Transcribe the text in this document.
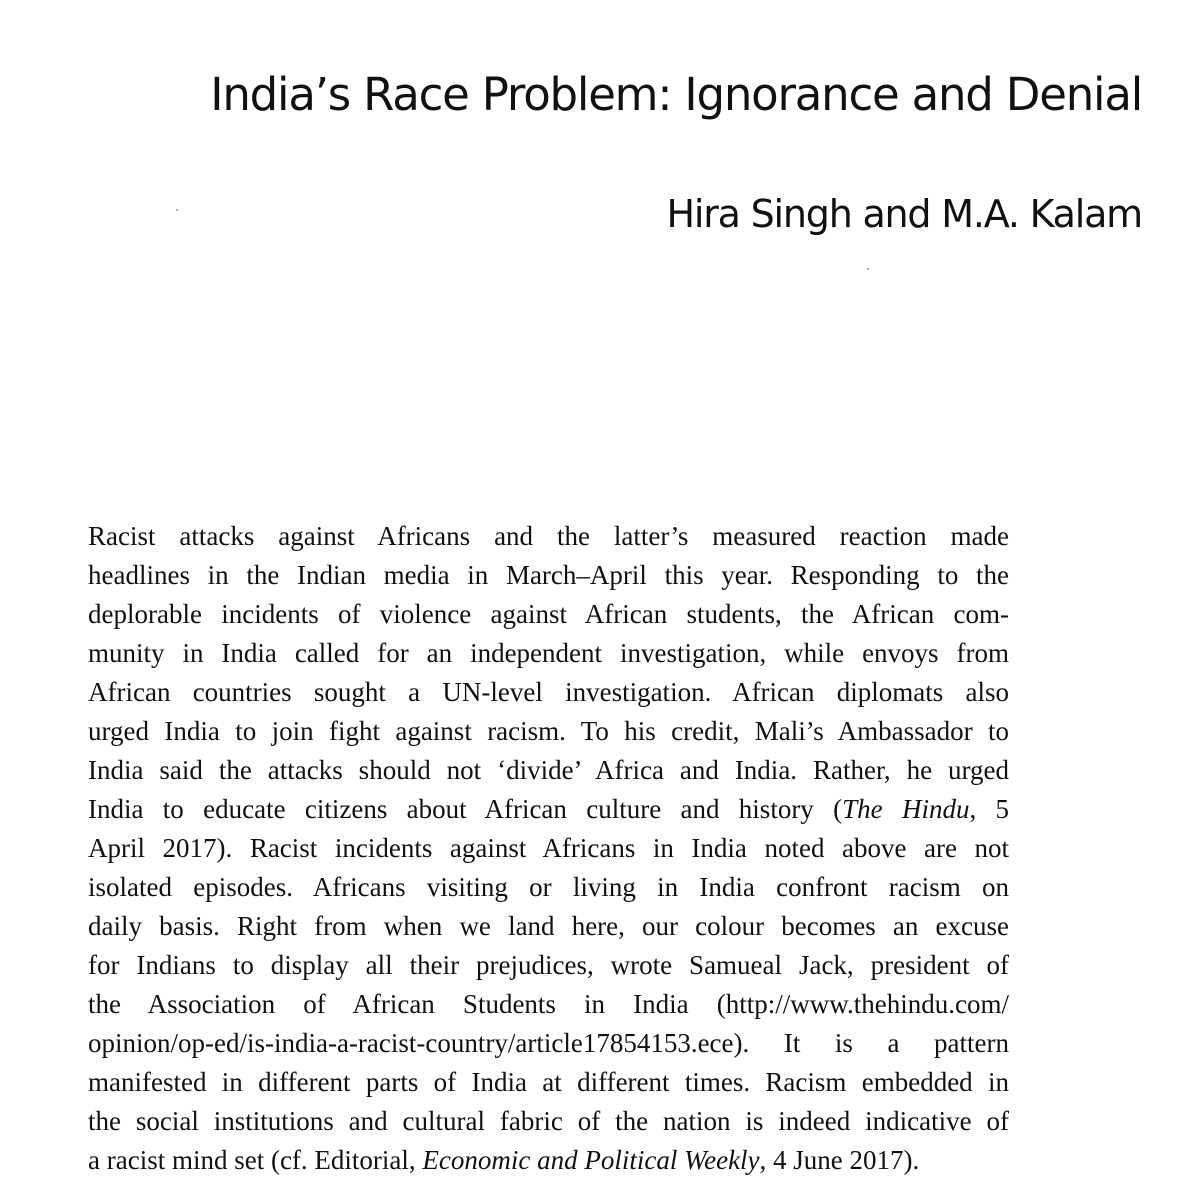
India’s Race Problem: Ignorance and Denial
Hira Singh and M.A. Kalam
Racist attacks against Africans and the latter’s measured reaction made
headlines in the Indian media in March–April this year. Responding to the
deplorable incidents of violence against African students, the African com-
munity in India called for an independent investigation, while envoys from
African countries sought a UN-level investigation. African diplomats also
urged India to join fight against racism. To his credit, Mali’s Ambassador to
India said the attacks should not ‘divide’ Africa and India. Rather, he urged
India to educate citizens about African culture and history (The Hindu, 5
April 2017). Racist incidents against Africans in India noted above are not
isolated episodes. Africans visiting or living in India confront racism on
daily basis. Right from when we land here, our colour becomes an excuse
for Indians to display all their prejudices, wrote Samueal Jack, president of
the Association of African Students in India (http://www.thehindu.com/
opinion/op-ed/is-india-a-racist-country/article17854153.ece). It is a pattern
manifested in different parts of India at different times. Racism embedded in
the social institutions and cultural fabric of the nation is indeed indicative of
a racist mind set (cf. Editorial, Economic and Political Weekly, 4 June 2017).
